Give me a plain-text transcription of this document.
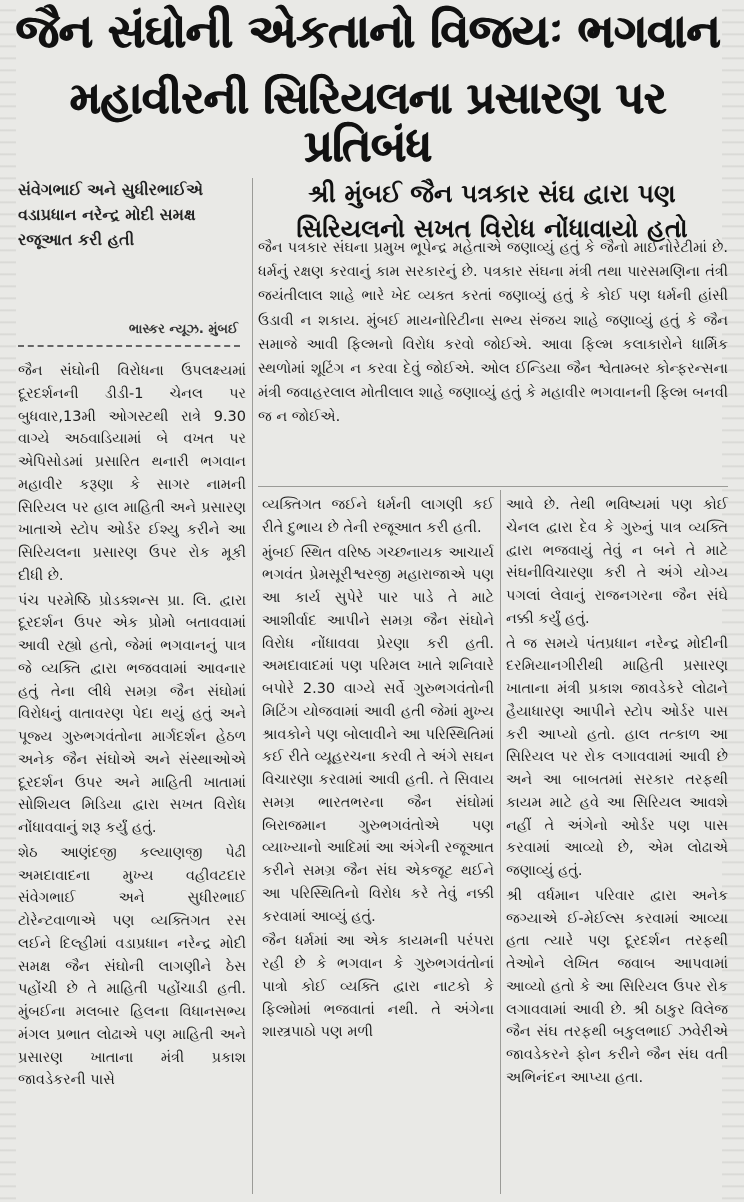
જૈન સંઘોની એકતાનો વિજયઃ ભગવાન
મહાવીરની સિરિયલના પ્રસારણ પર પ્રતિબંધ
સંવેગભાઈ અને સુધીરભાઈએ વડાપ્રધાન નરેન્દ્ર મોદી સમક્ષ રજૂઆત કરી હતી
ભાસ્કર ન્યૂઝ. મુંબઈ
શ્રી મુંબઈ જૈન પત્રકાર સંઘ દ્વારા પણ
સિરિયલનો સખત વિરોધ નોંધાવાયો હતો
જૈન પત્રકાર સંઘના પ્રમુખ ભૂપેન્દ્ર મહેતાએ જણાવ્યું હતું કે જૈનો માઈનોરેટીમાં છે. ધર્મનું રક્ષણ કરવાનું કામ સરકારનું છે. પત્રકાર સંઘના મંત્રી તથા પારસમણિના તંત્રી જયંતીલાલ શાહે ભારે ખેદ વ્યક્ત કરતાં જણાવ્યું હતું કે કોઈ પણ ધર્મની હાંસી ઉડાવી ન શકાય. મુંબઈ માયનોરિટીના સભ્ય સંજય શાહે જણાવ્યું હતું કે જૈન સમાજે આવી ફિલ્મનો વિરોધ કરવો જોઈએ. આવા ફિલ્મ કલાકારોને ધાર્મિક સ્થળોમાં શૂટિંગ ન કરવા દેવું જોઈએ. ઓલ ઈન્ડિયા જૈન શ્વેતામ્બર કોન્ફરન્સના મંત્રી જવાહરલાલ મોતીલાલ શાહે જણાવ્યું હતું કે મહાવીર ભગવાનની ફિલ્મ બનવી જ ન જોઈએ.

જૈન સંઘોની વિરોધના ઉપલક્ષ્યમાં દૂરદર્શનની ડીડી-1 ચેનલ પર બુધવાર,13મી ઓગસ્ટથી રાત્રે 9.30 વાગ્યે અઠવાડિયામાં બે વખત પર એપિસોડમાં પ્રસારિત થનારી ભગવાન મહાવીર કરૂણા કે સાગર નામની સિરિયલ પર હાલ માહિતી અને પ્રસારણ ખાતાએ સ્ટોપ ઓર્ડર ઈશ્યુ કરીને આ સિરિયલના પ્રસારણ ઉપર રોક મૂકી દીધી છે.

પંચ પરમેષ્ઠિ પ્રોડક્શન્સ પ્રા. લિ. દ્વારા દૂરદર્શન ઉપર એક પ્રોમો બતાવવામાં આવી રહ્યો હતો, જેમાં ભગવાનનું પાત્ર જે વ્યક્તિ દ્વારા ભજવવામાં આવનાર હતું તેના લીધે સમગ્ર જૈન સંઘોમાં વિરોધનું વાતાવરણ પેદા થયું હતું અને પૂજ્ય ગુરુભગવંતોના માર્ગદર્શન હેઠળ અનેક જૈન સંઘોએ અને સંસ્થાઓએ દૂરદર્શન ઉપર અને માહિતી ખાતામાં સોશિયલ મિડિયા દ્વારા સખત વિરોધ નોંધાવવાનું શરૂ કર્યું હતું.

શેઠ આણંદજી કલ્યાણજી પેઢી અમદાવાદના મુખ્ય વહીવટદાર સંવેગભાઈ અને સુધીરભાઈ ટોરેન્ટવાળાએ પણ વ્યક્તિગત રસ લઈને દિલ્હીમાં વડાપ્રધાન નરેન્દ્ર મોદી સમક્ષ જૈન સંઘોની લાગણીને ઠેસ પહોંચી છે તે માહિતી પહોંચાડી હતી. મુંબઈના મલબાર હિલના વિધાનસભ્ય મંગલ પ્રભાત લોઢાએ પણ માહિતી અને પ્રસારણ ખાતાના મંત્રી પ્રકાશ જાવડેકરની પાસે

વ્યક્તિગત જઈને ધર્મની લાગણી કઈ રીતે દુભાય છે તેની રજૂઆત કરી હતી.

મુંબઈ સ્થિત વરિષ્ઠ ગચ્છનાયક આચાર્ય ભગવંત પ્રેમસૂરીશ્વરજી મહારાજાએ પણ આ કાર્ય સુપેરે પાર પાડે તે માટે આશીર્વાદ આપીને સમગ્ર જૈન સંઘોને વિરોધ નોંધાવવા પ્રેરણા કરી હતી. અમદાવાદમાં પણ પરિમલ ખાતે શનિવારે બપોરે 2.30 વાગ્યે સર્વે ગુરુભગવંતોની મિટિંગ યોજવામાં આવી હતી જેમાં મુખ્ય શ્રાવકોને પણ બોલાવીને આ પરિસ્થિતિમાં કઈ રીતે વ્યૂહરચના કરવી તે અંગે સઘન વિચારણા કરવામાં આવી હતી. તે સિવાય સમગ્ર ભારતભરના જૈન સંઘોમાં બિરાજમાન ગુરુભગવંતોએ પણ વ્યાખ્યાનો આદિમાં આ અંગેની રજૂઆત કરીને સમગ્ર જૈન સંઘ એકજૂટ થઈને આ પરિસ્થિતિનો વિરોધ કરે તેવું નક્કી કરવામાં આવ્યું હતું.

જૈન ધર્મમાં આ એક કાયમની પરંપરા રહી છે કે ભગવાન કે ગુરુભગવંતોનાં પાત્રો કોઈ વ્યક્તિ દ્વારા નાટકો કે ફિલ્મોમાં ભજવાતાં નથી. તે અંગેના શાસ્ત્રપાઠો પણ મળી

આવે છે. તેથી ભવિષ્યમાં પણ કોઈ ચેનલ દ્વારા દેવ કે ગુરુનું પાત્ર વ્યક્તિ દ્વારા ભજવાયું તેવું ન બને તે માટે સંઘનીવિચારણા કરી તે અંગે યોગ્ય પગલાં લેવાનું રાજનગરના જૈન સંઘે નક્કી કર્યું હતું.

તે જ સમયે પંતપ્રધાન નરેન્દ્ર મોદીની દરમિયાનગીરીથી માહિતી પ્રસારણ ખાતાના મંત્રી પ્રકાશ જાવડેકરે લોઢાને હૈયાધારણ આપીને સ્ટોપ ઓર્ડર પાસ કરી આપ્યો હતો. હાલ તત્કાળ આ સિરિયલ પર રોક લગાવવામાં આવી છે અને આ બાબતમાં સરકાર તરફથી કાયમ માટે હવે આ સિરિયલ આવશે નહીં તે અંગેનો ઓર્ડર પણ પાસ કરવામાં આવ્યો છે, એમ લોઢાએ જણાવ્યું હતું.

શ્રી વર્ધમાન પરિવાર દ્વારા અનેક જગ્યાએ ઈ-મેઈલ્સ કરવામાં આવ્યા હતા ત્યારે પણ દૂરદર્શન તરફથી તેઓને લેખિત જવાબ આપવામાં આવ્યો હતો કે આ સિરિયલ ઉપર રોક લગાવવામાં આવી છે. શ્રી ઠાકુર વિલેજ જૈન સંઘ તરફથી બકુલભાઈ ઝવેરીએ જાવડેકરને ફોન કરીને જૈન સંઘ વતી અભિનંદન આપ્યા હતા.
